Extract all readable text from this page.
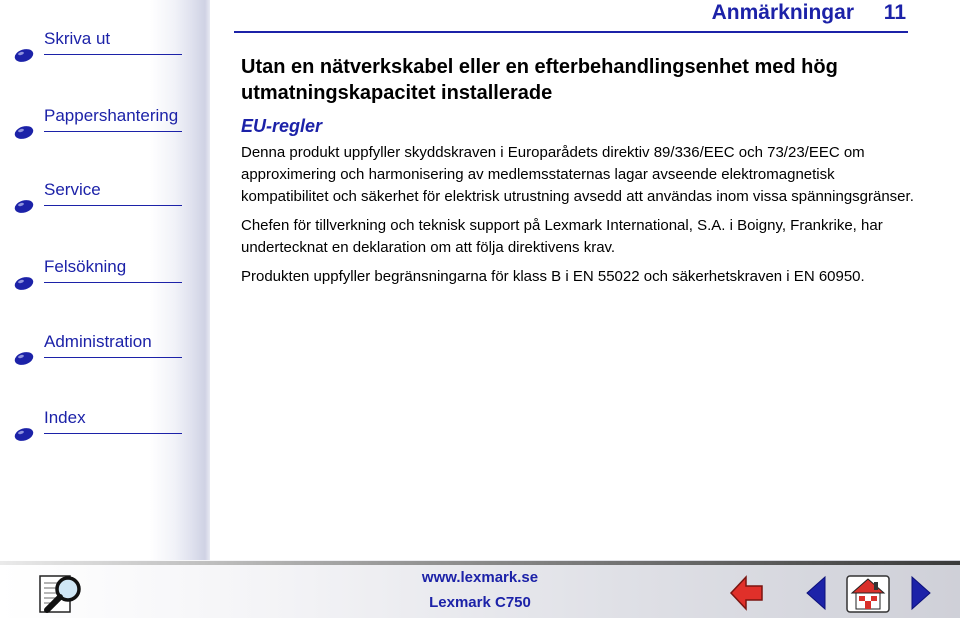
Anmärkningar 11
Skriva ut
Pappershantering
Service
Felsökning
Administration
Index
Utan en nätverkskabel eller en efterbehandlingsenhet med hög utmatningskapacitet installerade
EU-regler

Denna produkt uppfyller skyddskraven i Europarådets direktiv 89/336/EEC och 73/23/EEC om approximering och harmonisering av medlemsstaternas lagar avseende elektromagnetisk kompatibilitet och säkerhet för elektrisk utrustning avsedd att användas inom vissa spänningsgränser.

Chefen för tillverkning och teknisk support på Lexmark International, S.A. i Boigny, Frankrike, har undertecknat en deklaration om att följa direktivens krav.

Produkten uppfyller begränsningarna för klass B i EN 55022 och säkerhetskraven i EN 60950.

www.lexmark.se
Lexmark C750
